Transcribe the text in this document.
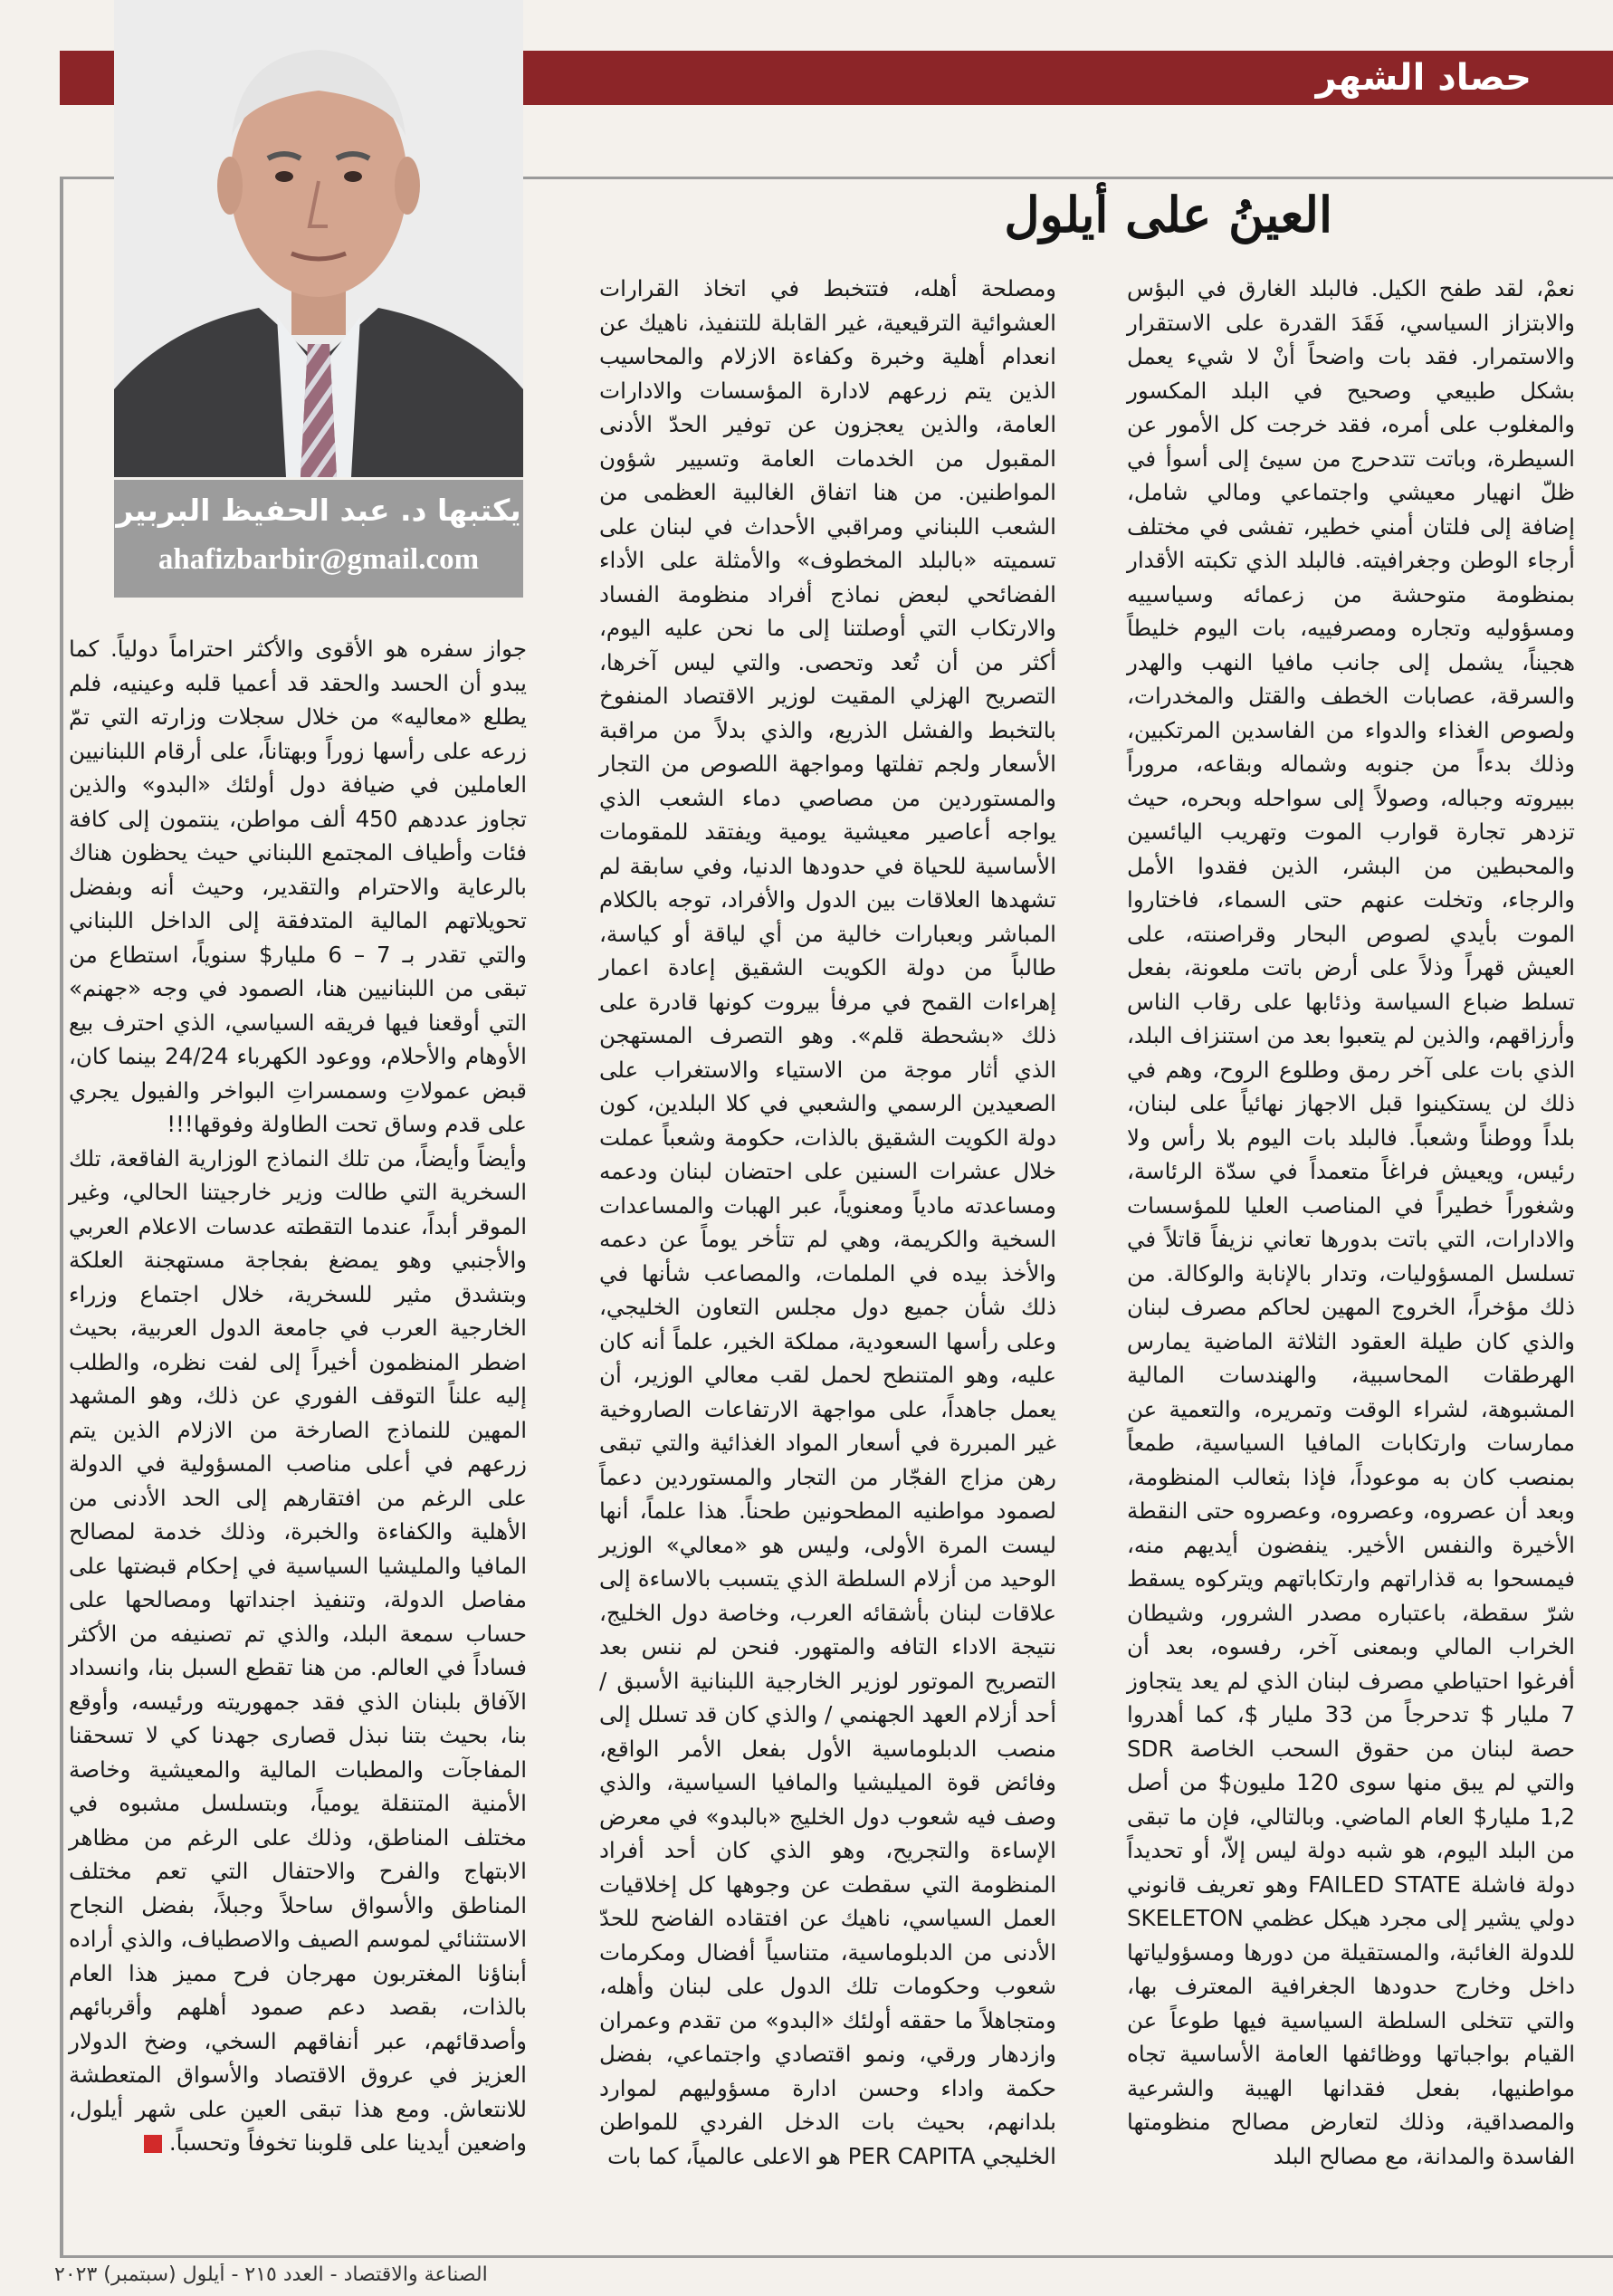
حصاد الشهر
يكتبها د. عبد الحفيظ البربير
ahafizbarbir@gmail.com
العينُ على أيلول

نعمْ، لقد طفح الكيل. فالبلد الغارق في البؤس والابتزاز السياسي، فَقَدَ القدرة على الاستقرار والاستمرار. فقد بات واضحاً أنْ لا شيء يعمل بشكل طبيعي وصحيح في البلد المكسور والمغلوب على أمره، فقد خرجت كل الأمور عن السيطرة، وباتت تتدحرج من سيئ إلى أسوأ في ظلّ انهيار معيشي واجتماعي ومالي شامل، إضافة إلى فلتان أمني خطير، تفشى في مختلف أرجاء الوطن وجغرافيته. فالبلد الذي تكبته الأقدار بمنظومة متوحشة من زعمائه وسياسييه ومسؤوليه وتجاره ومصرفييه، بات اليوم خليطاً هجيناً، يشمل إلى جانب مافيا النهب والهدر والسرقة، عصابات الخطف والقتل والمخدرات، ولصوص الغذاء والدواء من الفاسدين المرتكبين، وذلك بدءاً من جنوبه وشماله وبقاعه، مروراً ببيروته وجباله، وصولاً إلى سواحله وبحره، حيث تزدهر تجارة قوارب الموت وتهريب اليائسين والمحبطين من البشر، الذين فقدوا الأمل والرجاء، وتخلت عنهم حتى السماء، فاختاروا الموت بأيدي لصوص البحار وقراصنته، على العيش قهراً وذلاً على أرض باتت ملعونة، بفعل تسلط ضباع السياسة وذئابها على رقاب الناس وأرزاقهم، والذين لم يتعبوا بعد من استنزاف البلد، الذي بات على آخر رمق وطلوع الروح، وهم في ذلك لن يستكينوا قبل الاجهاز نهائياً على لبنان، بلداً ووطناً وشعباً. فالبلد بات اليوم بلا رأس ولا رئيس، ويعيش فراغاً متعمداً في سدّة الرئاسة، وشغوراً خطيراً في المناصب العليا للمؤسسات والادارات، التي باتت بدورها تعاني نزيفاً قاتلاً في تسلسل المسؤوليات، وتدار بالإنابة والوكالة. من ذلك مؤخراً، الخروج المهين لحاكم مصرف لبنان والذي كان طيلة العقود الثلاثة الماضية يمارس الهرطقات المحاسبية، والهندسات المالية المشبوهة، لشراء الوقت وتمريره، والتعمية عن ممارسات وارتكابات المافيا السياسية، طمعاً بمنصب كان به موعوداً، فإذا بثعالب المنظومة، وبعد أن عصروه، وعصروه، وعصروه حتى النقطة الأخيرة والنفس الأخير. ينفضون أيديهم منه، فيمسحوا به قذاراتهم وارتكاباتهم ويتركوه يسقط شرّ سقطة، باعتباره مصدر الشرور، وشيطان الخراب المالي وبمعنى آخر، رفسوه، بعد أن أفرغوا احتياطي مصرف لبنان الذي لم يعد يتجاوز 7 مليار $ تدحرجاً من 33 مليار $، كما أهدروا حصة لبنان من حقوق السحب الخاصة SDR والتي لم يبق منها سوى 120 مليون$ من أصل 1,2 مليار$ العام الماضي. وبالتالي، فإن ما تبقى من البلد اليوم، هو شبه دولة ليس إلاّ، أو تحديداً دولة فاشلة FAILED STATE وهو تعريف قانوني دولي يشير إلى مجرد هيكل عظمي SKELETON للدولة الغائبة، والمستقيلة من دورها ومسؤولياتها داخل وخارج حدودها الجغرافية المعترف بها، والتي تتخلى السلطة السياسية فيها طوعاً عن القيام بواجباتها ووظائفها العامة الأساسية تجاه مواطنيها، بفعل فقدانها الهيبة والشرعية والمصداقية، وذلك لتعارض مصالح منظومتها الفاسدة والمدانة، مع مصالح البلد

ومصلحة أهله، فتتخبط في اتخاذ القرارات العشوائية الترقيعية، غير القابلة للتنفيذ، ناهيك عن انعدام أهلية وخبرة وكفاءة الازلام والمحاسيب الذين يتم زرعهم لادارة المؤسسات والادارات العامة، والذين يعجزون عن توفير الحدّ الأدنى المقبول من الخدمات العامة وتسيير شؤون المواطنين. من هنا اتفاق الغالبية العظمى من الشعب اللبناني ومراقبي الأحداث في لبنان على تسميته «بالبلد المخطوف» والأمثلة على الأداء الفضائحي لبعض نماذج أفراد منظومة الفساد والارتكاب التي أوصلتنا إلى ما نحن عليه اليوم، أكثر من أن تُعد وتحصى. والتي ليس آخرها، التصريح الهزلي المقيت لوزير الاقتصاد المنفوخ بالتخبط والفشل الذريع، والذي بدلاً من مراقبة الأسعار ولجم تفلتها ومواجهة اللصوص من التجار والمستوردين من مصاصي دماء الشعب الذي يواجه أعاصير معيشية يومية ويفتقد للمقومات الأساسية للحياة في حدودها الدنيا، وفي سابقة لم تشهدها العلاقات بين الدول والأفراد، توجه بالكلام المباشر وبعبارات خالية من أي لياقة أو كياسة، طالباً من دولة الكويت الشقيق إعادة اعمار إهراءات القمح في مرفأ بيروت كونها قادرة على ذلك «بشحطة قلم». وهو التصرف المستهجن الذي أثار موجة من الاستياء والاستغراب على الصعيدين الرسمي والشعبي في كلا البلدين، كون دولة الكويت الشقيق بالذات، حكومة وشعباً عملت خلال عشرات السنين على احتضان لبنان ودعمه ومساعدته مادياً ومعنوياً، عبر الهبات والمساعدات السخية والكريمة، وهي لم تتأخر يوماً عن دعمه والأخذ بيده في الملمات، والمصاعب شأنها في ذلك شأن جميع دول مجلس التعاون الخليجي، وعلى رأسها السعودية، مملكة الخير، علماً أنه كان عليه، وهو المتنطح لحمل لقب معالي الوزير، أن يعمل جاهداً، على مواجهة الارتفاعات الصاروخية غير المبررة في أسعار المواد الغذائية والتي تبقى رهن مزاج الفجّار من التجار والمستوردين دعماً لصمود مواطنيه المطحونين طحناً. هذا علماً، أنها ليست المرة الأولى، وليس هو «معالي» الوزير الوحيد من أزلام السلطة الذي يتسبب بالاساءة إلى علاقات لبنان بأشقائه العرب، وخاصة دول الخليج، نتيجة الاداء التافه والمتهور. فنحن لم ننس بعد التصريح الموتور لوزير الخارجية اللبنانية الأسبق / أحد أزلام العهد الجهنمي / والذي كان قد تسلل إلى منصب الدبلوماسية الأول بفعل الأمر الواقع، وفائض قوة الميليشيا والمافيا السياسية، والذي وصف فيه شعوب دول الخليج «بالبدو» في معرض الإساءة والتجريح، وهو الذي كان أحد أفراد المنظومة التي سقطت عن وجوهها كل إخلاقيات العمل السياسي، ناهيك عن افتقاده الفاضح للحدّ الأدنى من الدبلوماسية، متناسياً أفضال ومكرمات شعوب وحكومات تلك الدول على لبنان وأهله، ومتجاهلاً ما حققه أولئك «البدو» من تقدم وعمران وازدهار ورقي، ونمو اقتصادي واجتماعي، بفضل حكمة واداء وحسن ادارة مسؤوليهم لموارد بلدانهم، بحيث بات الدخل الفردي للمواطن الخليجي PER CAPITA هو الاعلى عالمياً، كما بات

جواز سفره هو الأقوى والأكثر احتراماً دولياً. كما يبدو أن الحسد والحقد قد أعميا قلبه وعينيه، فلم يطلع «معاليه» من خلال سجلات وزارته التي تمّ زرعه على رأسها زوراً وبهتاناً، على أرقام اللبنانيين العاملين في ضيافة دول أولئك «البدو» والذين تجاوز عددهم 450 ألف مواطن، ينتمون إلى كافة فئات وأطياف المجتمع اللبناني حيث يحظون هناك بالرعاية والاحترام والتقدير، وحيث أنه وبفضل تحويلاتهم المالية المتدفقة إلى الداخل اللبناني والتي تقدر بـ 7 – 6 مليار$ سنوياً، استطاع من تبقى من اللبنانيين هنا، الصمود في وجه «جهنم» التي أوقعنا فيها فريقه السياسي، الذي احترف بيع الأوهام والأحلام، ووعود الكهرباء 24/24 بينما كان، قبض عمولاتِ وسمسراتِ البواخر والفيول يجري على قدم وساق تحت الطاولة وفوقها!!!

وأيضاً وأيضاً، من تلك النماذج الوزارية الفاقعة، تلك السخرية التي طالت وزير خارجيتنا الحالي، وغير الموقر أبداً، عندما التقطته عدسات الاعلام العربي والأجنبي وهو يمضغ بفجاجة مستهجنة العلكة وبتشدق مثير للسخرية، خلال اجتماع وزراء الخارجية العرب في جامعة الدول العربية، بحيث اضطر المنظمون أخيراً إلى لفت نظره، والطلب إليه علناً التوقف الفوري عن ذلك، وهو المشهد المهين للنماذج الصارخة من الازلام الذين يتم زرعهم في أعلى مناصب المسؤولية في الدولة على الرغم من افتقارهم إلى الحد الأدنى من الأهلية والكفاءة والخبرة، وذلك خدمة لمصالح المافيا والمليشيا السياسية في إحكام قبضتها على مفاصل الدولة، وتنفيذ اجنداتها ومصالحها على حساب سمعة البلد، والذي تم تصنيفه من الأكثر فساداً في العالم. من هنا تقطع السبل بنا، وانسداد الآفاق بلبنان الذي فقد جمهوريته ورئيسه، وأوقع بنا، بحيث بتنا نبذل قصارى جهدنا كي لا تسحقنا المفاجآت والمطبات المالية والمعيشية وخاصة الأمنية المتنقلة يومياً، وبتسلسل مشبوه في مختلف المناطق، وذلك على الرغم من مظاهر الابتهاج والفرح والاحتفال التي تعم مختلف المناطق والأسواق ساحلاً وجبلاً، بفضل النجاح الاستثنائي لموسم الصيف والاصطياف، والذي أراده أبناؤنا المغتربون مهرجان فرح مميز هذا العام بالذات، بقصد دعم صمود أهلهم وأقربائهم وأصدقائهم، عبر أنفاقهم السخي، وضخ الدولار العزيز في عروق الاقتصاد والأسواق المتعطشة للانتعاش. ومع هذا تبقى العين على شهر أيلول، واضعين أيدينا على قلوبنا تخوفاً وتحسباً.

الصناعة والاقتصاد - العدد ٢١٥ - أيلول (سبتمبر) ٢٠٢٣
